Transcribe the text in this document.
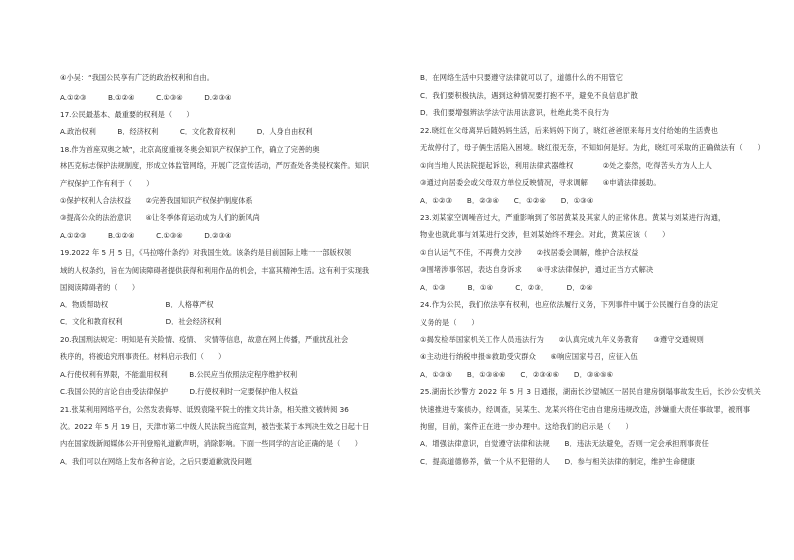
④小吴：“我国公民享有广泛的政治权利和自由。
A.①②③　　　B.①②④　　　C.①③④　　　D.②③④
17.公民最基本、最重要的权利是（　　）
A.政治权利　　　B．经济权利　　　C．文化教育权利　　　D．人身自由权利
18.作为首座双奥之城”，北京高度重视冬奥会知识产权保护工作，确立了完善的奥
林匹克标志保护法规制度，形成立体监管网络，开展广泛宣传活动，严厉查处各类侵权案件。知识
产权保护工作有利于（　　）
①保护权利人合法权益　　②完善我国知识产权保护制度体系
③提高公众的法治意识　　④让冬季体育运动成为人们的新风尚
A.①②③　　　B.①②④　　　C.①③④　　　D.②③④
19.2022 年 5 月 5 日，《马拉喀什条约》对我国生效。该条约是目前国际上唯一一部版权领
域的人权条约，旨在为阅读障碍者提供获得和利用作品的机会，丰富其精神生活。这有利于实现我
国阅读障碍者的（　　）
A．物质帮助权　　　　　　　　B．人格尊严权
C．文化和教育权利　　　　　　D．社会经济权利
20.我国刑法规定：明知是有关险情、疫情、　灾情等信息，故意在网上传播，严重扰乱社会
秩序的，将被追究刑事责任。材料启示我们（　　）
A.行使权利有界限，不能滥用权利　　　B.公民应当依照法定程序维护权利
C.我国公民的言论自由受法律保护　　　D.行使权利时一定要保护他人权益
21.张某利用网络平台，公然发表侮辱、诋毁袁隆平院士的推文共计条，相关推文被转阅 36
次。2022 年 5 月 19 日，天津市第二中级人民法院当庭宣判，被告张某于本判决生效之日起十日
内在国家级新闻媒体公开刊登赔礼道歉声明，消除影响。下面一些同学的言论正确的是（　　）
A．我们可以在网络上发布各种言论，之后只要道歉就没问题
B．在网络生活中只要遵守法律就可以了，道德什么的不用管它
C．我们要积极执法，遇到这种情况要打抱不平，避免不良信息扩散
D．我们要增强辨法学法守法用法意识，杜绝此类不良行为
22.晓红在父母离异后随妈妈生活，后来妈妈下岗了，晓红爸爸原来每月支付给她的生活费也
无故停付了，母子俩生活陷入困境。晓红很无奈，不知如何是好。为此，晓红可采取的正确做法有（　　）
①向当地人民法院提起诉讼，利用法律武器维权　　　　②处之泰然，吃得苦头方为人上人
③通过向居委会或父母双方单位反映情况，寻求调解　　④申请法律援助。
A．①②③　　B．②③④　　C．①②④　　D．①③④
23.刘某家空调噪音过大，严重影响到了邻居黄某及其家人的正常休息。黄某与刘某进行沟通，
物业也就此事与刘某进行交涉，但刘某始终不理会。对此，黄某应该（　　）
①自认运气不佳，不再费力交涉　　②找居委会调解，维护合法权益
③围堵涉事邻居，表达自身诉求　　④寻求法律保护，通过正当方式解决
A．①③　　　B．①④　　　C．②③．　　　D．②④
24.作为公民，我们依法享有权利，也应依法履行义务，下列事件中属于公民履行自身的法定
义务的是（　　）
①揭发检举国家机关工作人员违法行为　　②认真完成九年义务教育　　③遵守交通规则
④主动进行纳税申报⑤救助受灾群众　　⑥响应国家号召，应征入伍
A．①③⑤　　B．①③④⑥　　C．②③④⑥　　D．③④⑤⑥
25.湖南长沙警方 2022 年 5 月 3 日通报，湖南长沙望城区一居民自建房倒塌事故发生后，长沙公安机关
快速推进专案侦办，经调查，吴某生、龙某兴将住宅由自建房违规改造，涉嫌重大责任事故罪，被刑事
拘留，目前，案件正在进一步办理中。这给我们的启示是（　　）
A．增强法律意识，自觉遵守法律和法规　　B．违法无法避免，否则一定会承担刑事责任
C．提高道德修养，做一个从不犯错的人　　D．参与相关法律的制定，维护生命健康
